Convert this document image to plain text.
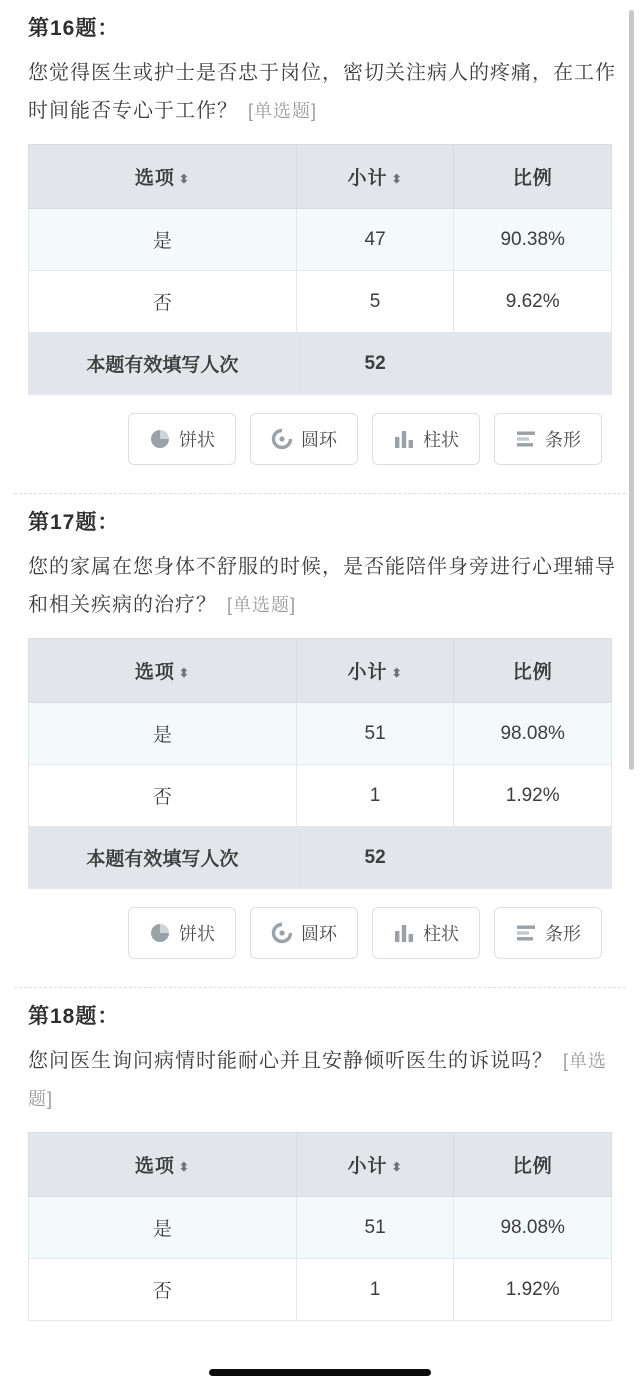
第16题：
您觉得医生或护士是否忠于岗位，密切关注病人的疼痛，在工作时间能否专心于工作？ [单选题]
选项 ⬍	小计 ⬍	比例
是	47	90.38%
否	5	9.62%
本题有效填写人次	52	
饼状	圆环	柱状	条形
第17题：
您的家属在您身体不舒服的时候，是否能陪伴身旁进行心理辅导和相关疾病的治疗？ [单选题]
选项 ⬍	小计 ⬍	比例
是	51	98.08%
否	1	1.92%
本题有效填写人次	52	
饼状	圆环	柱状	条形
第18题：
您问医生询问病情时能耐心并且安静倾听医生的诉说吗？ [单选题]
选项 ⬍	小计 ⬍	比例
是	51	98.08%
否	1	1.92%
